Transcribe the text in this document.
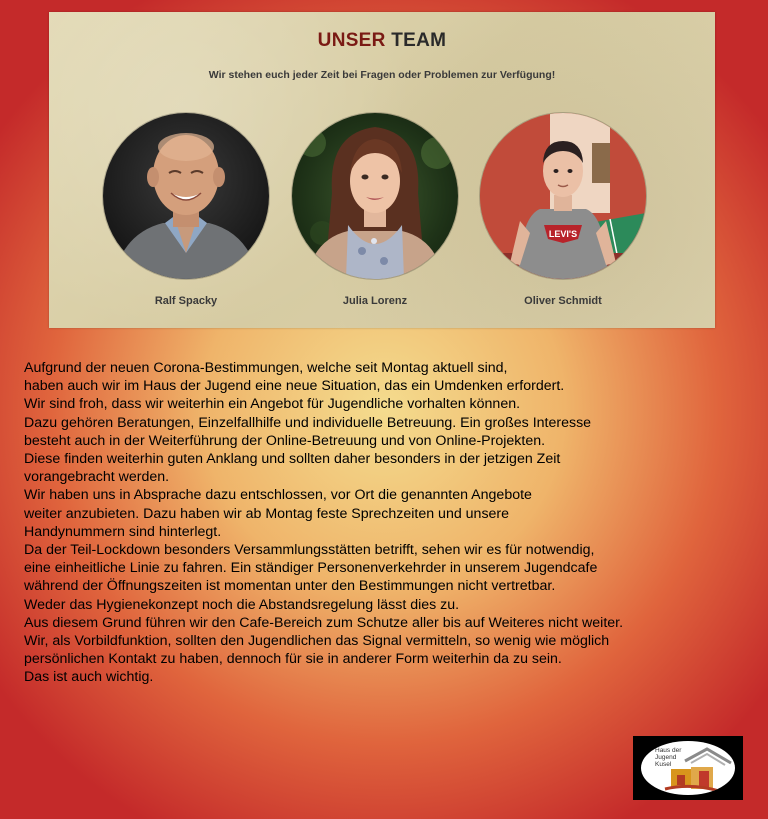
UNSER TEAM
Wir stehen euch jeder Zeit bei Fragen oder Problemen zur Verfügung!
Ralf Spacky	Julia Lorenz
LEVI'S
Oliver Schmidt
Aufgrund der neuen Corona-Bestimmungen, welche seit Montag aktuell sind,
haben auch wir im Haus der Jugend eine neue Situation, das ein Umdenken erfordert.
Wir sind froh, dass wir weiterhin ein Angebot für Jugendliche vorhalten können.
Dazu gehören Beratungen, Einzelfallhilfe und individuelle Betreuung. Ein großes Interesse
besteht auch in der Weiterführung der Online-Betreuung und von Online-Projekten.
Diese finden weiterhin guten Anklang und sollten daher besonders in der jetzigen Zeit
vorangebracht werden.
Wir haben uns in Absprache dazu entschlossen, vor Ort die genannten Angebote
weiter anzubieten. Dazu haben wir ab Montag feste Sprechzeiten und unsere
Handynummern sind hinterlegt.
Da der Teil-Lockdown besonders Versammlungsstätten betrifft, sehen wir es für notwendig,
eine einheitliche Linie zu fahren. Ein ständiger Personenverkehrder in unserem Jugendcafe
während der Öffnungszeiten ist momentan unter den Bestimmungen nicht vertretbar.
Weder das Hygienekonzept noch die Abstandsregelung lässt dies zu.
Aus diesem Grund führen wir den Cafe-Bereich zum Schutze aller bis auf Weiteres nicht weiter.
Wir, als Vorbildfunktion, sollten den Jugendlichen das Signal vermitteln, so wenig wie möglich
persönlichen Kontakt zu haben, dennoch für sie in anderer Form weiterhin da zu sein.
Das ist auch wichtig.
Haus der
Jugend
Kusel
